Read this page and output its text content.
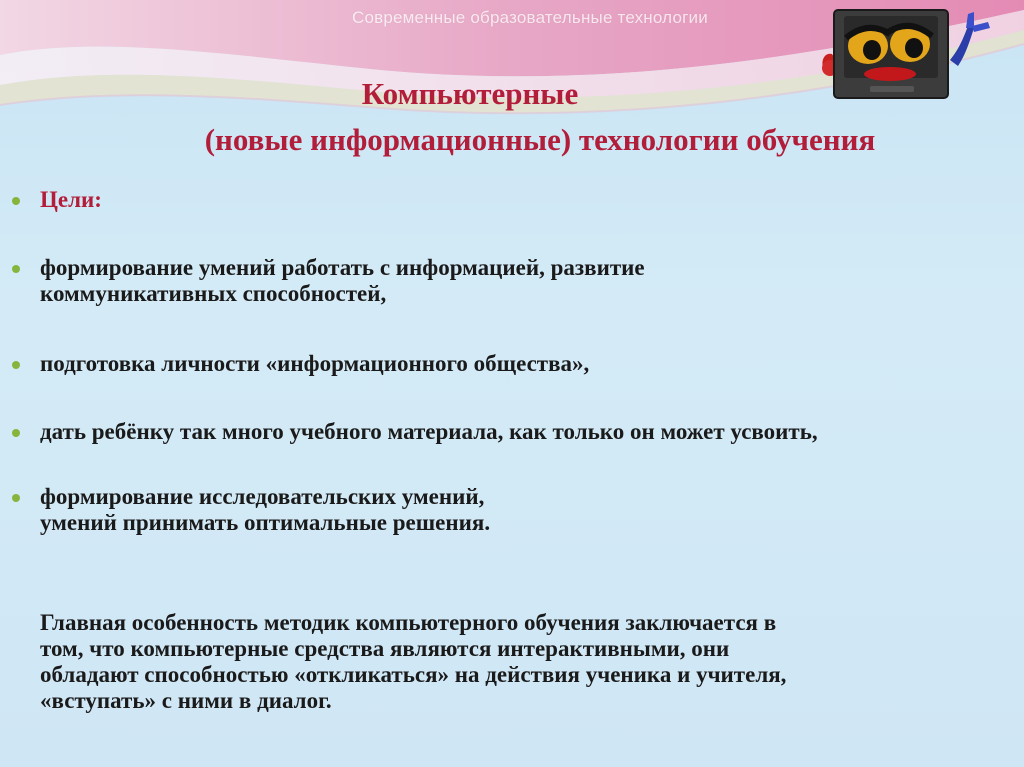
Современные образовательные технологии
Компьютерные
(новые информационные) технологии обучения
Цели:
формирование умений работать с информацией, развитие
коммуникативных способностей,
подготовка личности «информационного общества»,
дать ребёнку так много учебного материала, как только он может усвоить,
формирование исследовательских умений,
умений принимать оптимальные решения.
Главная особенность методик компьютерного обучения заключается в
том, что компьютерные средства являются интерактивными, они
обладают способностью «откликаться» на действия ученика и учителя,
«вступать» с ними в диалог.
